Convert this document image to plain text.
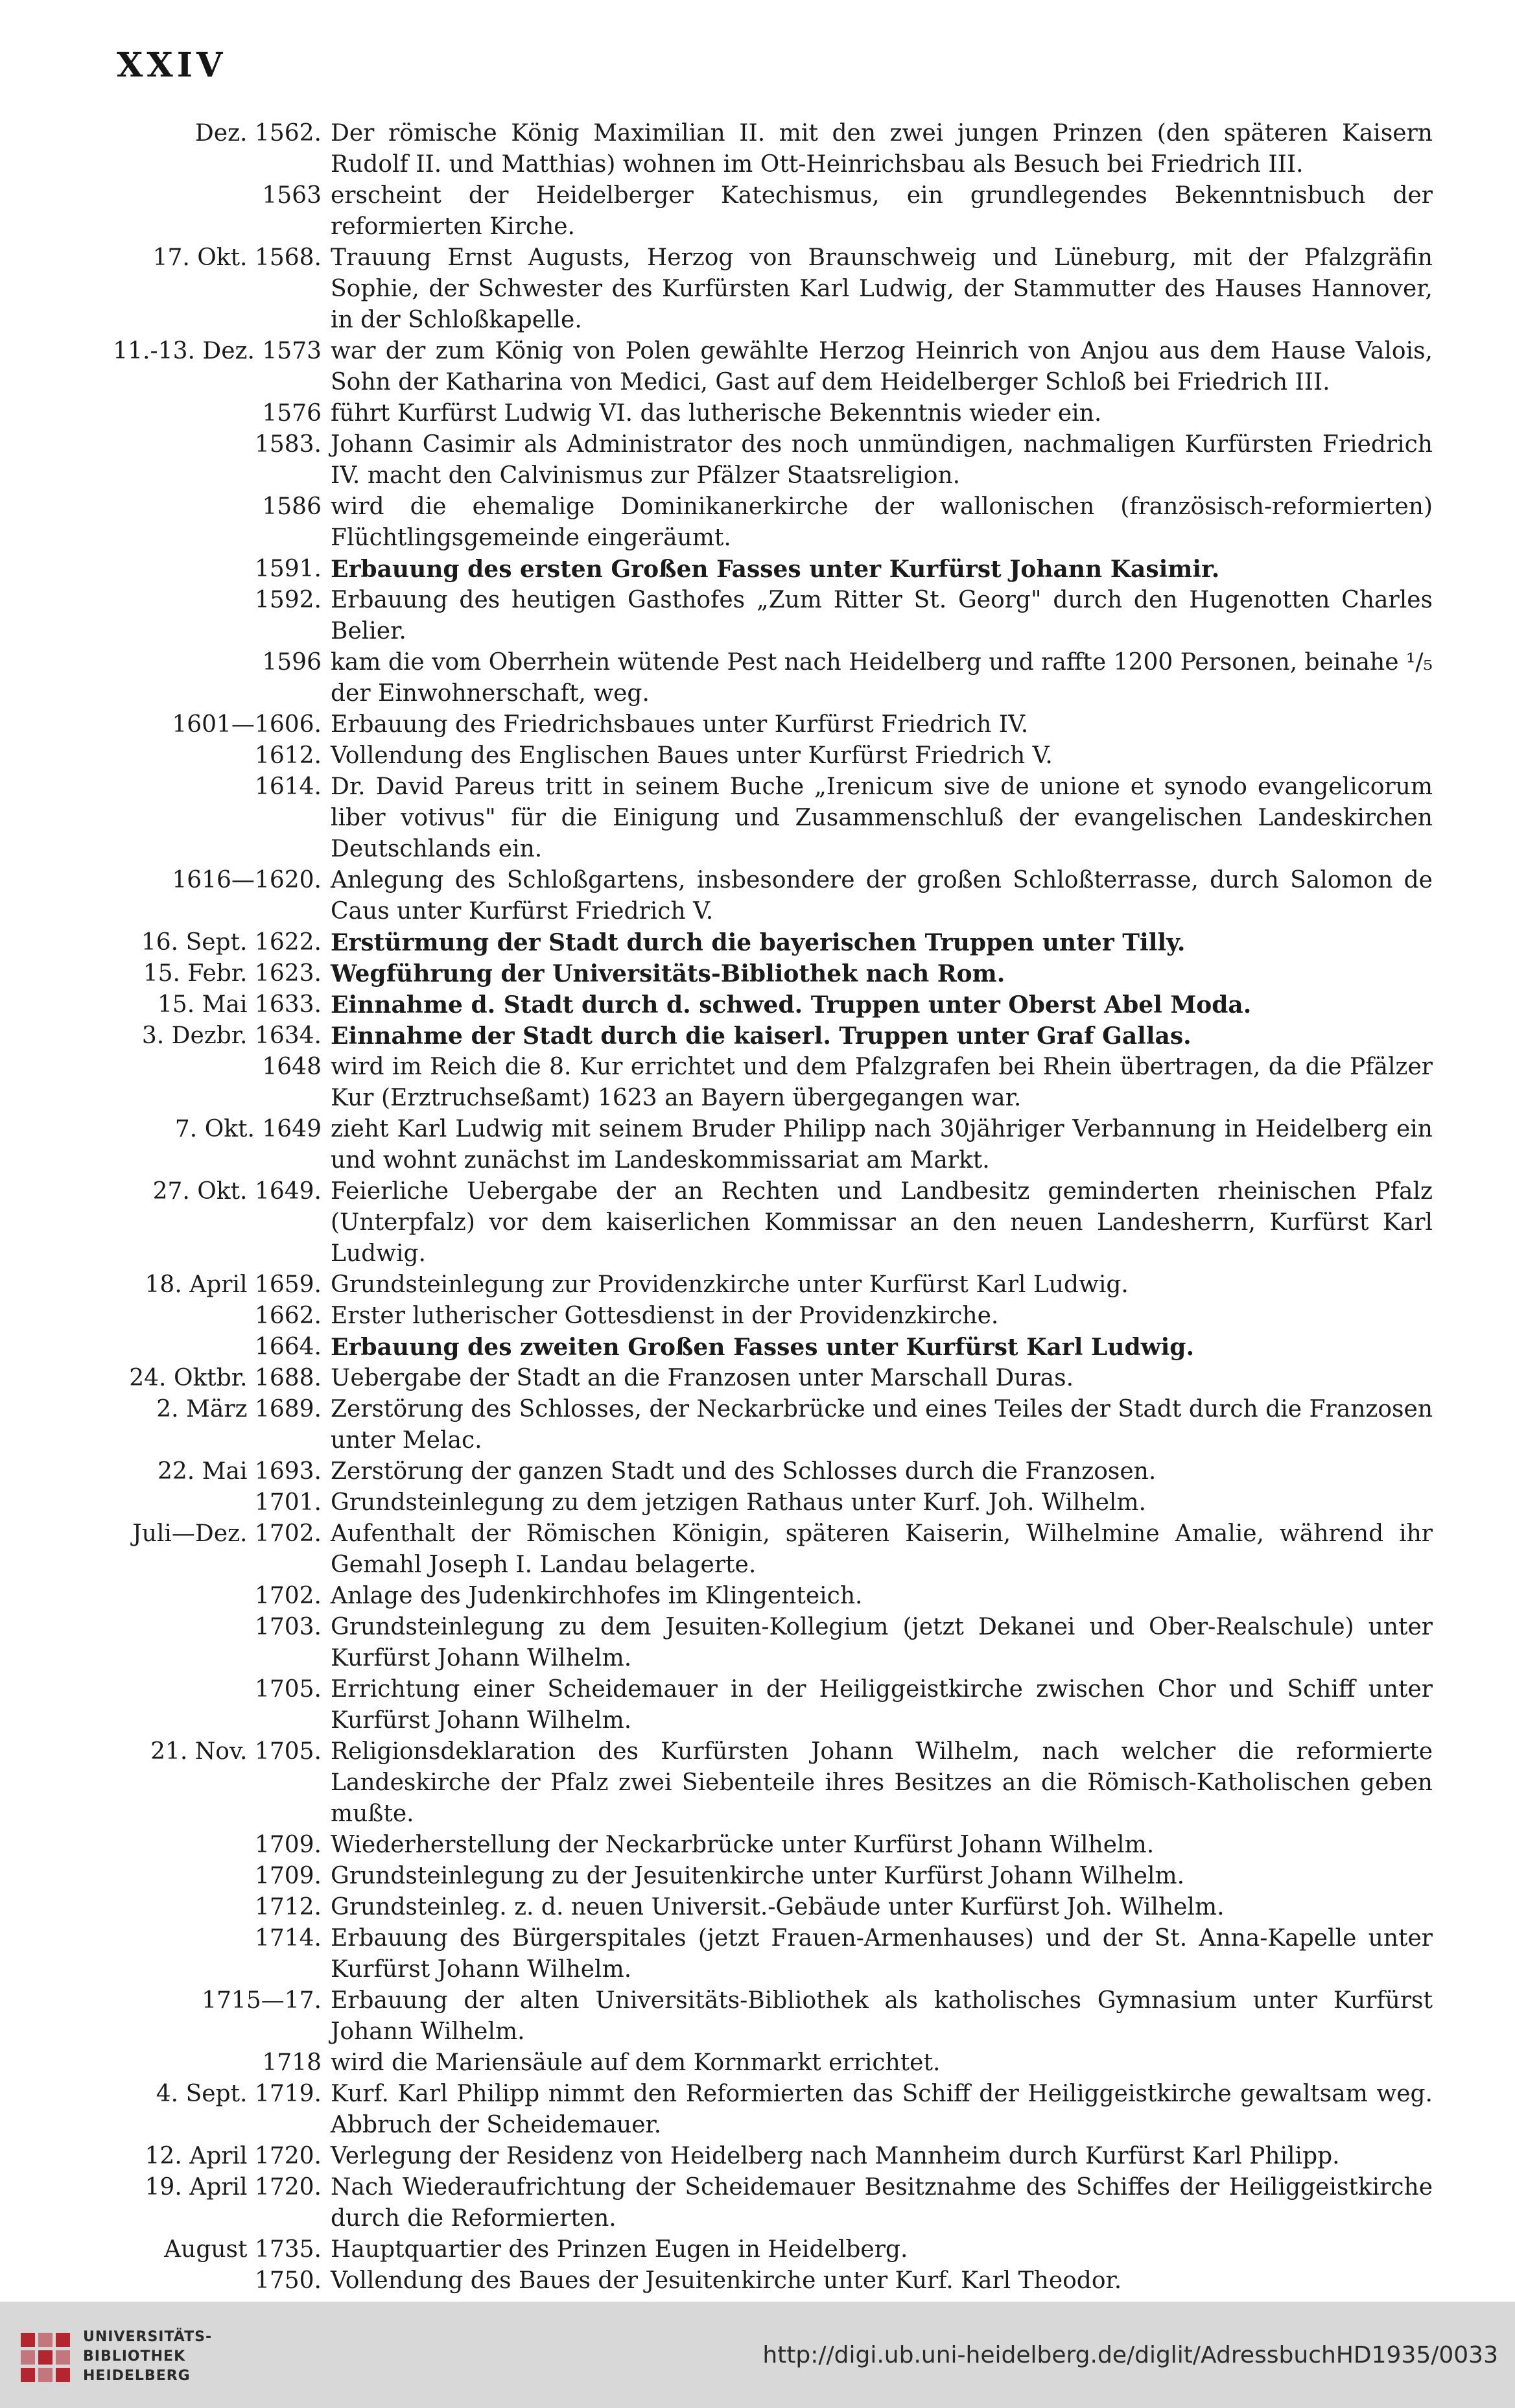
XXIV
Dez. 1562. Der römische König Maximilian II. mit den zwei jungen Prinzen (den späteren Kaisern Rudolf II. und Matthias) wohnen im Ott-Heinrichsbau als Besuch bei Friedrich III.
1563 erscheint der Heidelberger Katechismus, ein grundlegendes Bekenntnisbuch der reformierten Kirche.
17. Okt. 1568. Trauung Ernst Augusts, Herzog von Braunschweig und Lüneburg, mit der Pfalzgräfin Sophie, der Schwester des Kurfürsten Karl Ludwig, der Stammutter des Hauses Hannover, in der Schloßkapelle.
11.-13. Dez. 1573 war der zum König von Polen gewählte Herzog Heinrich von Anjou aus dem Hause Valois, Sohn der Katharina von Medici, Gast auf dem Heidelberger Schloß bei Friedrich III.
1576 führt Kurfürst Ludwig VI. das lutherische Bekenntnis wieder ein.
1583. Johann Casimir als Administrator des noch unmündigen, nachmaligen Kurfürsten Friedrich IV. macht den Calvinismus zur Pfälzer Staatsreligion.
1586 wird die ehemalige Dominikanerkirche der wallonischen (französisch-reformierten) Flüchtlingsgemeinde eingeräumt.
1591. Erbauung des ersten Großen Fasses unter Kurfürst Johann Kasimir.
1592. Erbauung des heutigen Gasthofes „Zum Ritter St. Georg" durch den Hugenotten Charles Belier.
1596 kam die vom Oberrhein wütende Pest nach Heidelberg und raffte 1200 Personen, beinahe ¹/₅ der Einwohnerschaft, weg.
1601—1606. Erbauung des Friedrichsbaues unter Kurfürst Friedrich IV.
1612. Vollendung des Englischen Baues unter Kurfürst Friedrich V.
1614. Dr. David Pareus tritt in seinem Buche „Irenicum sive de unione et synodo evangelicorum liber votivus" für die Einigung und Zusammenschluß der evangelischen Landeskirchen Deutschlands ein.
1616—1620. Anlegung des Schloßgartens, insbesondere der großen Schloßterrasse, durch Salomon de Caus unter Kurfürst Friedrich V.
16. Sept. 1622. Erstürmung der Stadt durch die bayerischen Truppen unter Tilly.
15. Febr. 1623. Wegführung der Universitäts-Bibliothek nach Rom.
15. Mai 1633. Einnahme d. Stadt durch d. schwed. Truppen unter Oberst Abel Moda.
3. Dezbr. 1634. Einnahme der Stadt durch die kaiserl. Truppen unter Graf Gallas.
1648 wird im Reich die 8. Kur errichtet und dem Pfalzgrafen bei Rhein übertragen, da die Pfälzer Kur (Erztruchseßamt) 1623 an Bayern übergegangen war.
7. Okt. 1649 zieht Karl Ludwig mit seinem Bruder Philipp nach 30jähriger Verbannung in Heidelberg ein und wohnt zunächst im Landeskommissariat am Markt.
27. Okt. 1649. Feierliche Uebergabe der an Rechten und Landbesitz geminderten rheinischen Pfalz (Unterpfalz) vor dem kaiserlichen Kommissar an den neuen Landesherrn, Kurfürst Karl Ludwig.
18. April 1659. Grundsteinlegung zur Providenzkirche unter Kurfürst Karl Ludwig.
1662. Erster lutherischer Gottesdienst in der Providenzkirche.
1664. Erbauung des zweiten Großen Fasses unter Kurfürst Karl Ludwig.
24. Oktbr. 1688. Uebergabe der Stadt an die Franzosen unter Marschall Duras.
2. März 1689. Zerstörung des Schlosses, der Neckarbrücke und eines Teiles der Stadt durch die Franzosen unter Melac.
22. Mai 1693. Zerstörung der ganzen Stadt und des Schlosses durch die Franzosen.
1701. Grundsteinlegung zu dem jetzigen Rathaus unter Kurf. Joh. Wilhelm.
Juli—Dez. 1702. Aufenthalt der Römischen Königin, späteren Kaiserin, Wilhelmine Amalie, während ihr Gemahl Joseph I. Landau belagerte.
1702. Anlage des Judenkirchhofes im Klingenteich.
1703. Grundsteinlegung zu dem Jesuiten-Kollegium (jetzt Dekanei und Ober-Realschule) unter Kurfürst Johann Wilhelm.
1705. Errichtung einer Scheidemauer in der Heiliggeistkirche zwischen Chor und Schiff unter Kurfürst Johann Wilhelm.
21. Nov. 1705. Religionsdeklaration des Kurfürsten Johann Wilhelm, nach welcher die reformierte Landeskirche der Pfalz zwei Siebenteile ihres Besitzes an die Römisch-Katholischen geben mußte.
1709. Wiederherstellung der Neckarbrücke unter Kurfürst Johann Wilhelm.
1709. Grundsteinlegung zu der Jesuitenkirche unter Kurfürst Johann Wilhelm.
1712. Grundsteinleg. z. d. neuen Universit.-Gebäude unter Kurfürst Joh. Wilhelm.
1714. Erbauung des Bürgerspitales (jetzt Frauen-Armenhauses) und der St. Anna-Kapelle unter Kurfürst Johann Wilhelm.
1715—17. Erbauung der alten Universitäts-Bibliothek als katholisches Gymnasium unter Kurfürst Johann Wilhelm.
1718 wird die Mariensäule auf dem Kornmarkt errichtet.
4. Sept. 1719. Kurf. Karl Philipp nimmt den Reformierten das Schiff der Heiliggeistkirche gewaltsam weg. Abbruch der Scheidemauer.
12. April 1720. Verlegung der Residenz von Heidelberg nach Mannheim durch Kurfürst Karl Philipp.
19. April 1720. Nach Wiederaufrichtung der Scheidemauer Besitznahme des Schiffes der Heiliggeistkirche durch die Reformierten.
August 1735. Hauptquartier des Prinzen Eugen in Heidelberg.
1750. Vollendung des Baues der Jesuitenkirche unter Kurf. Karl Theodor.
UNIVERSITÄTS-
BIBLIOTHEK
HEIDELBERG
http://digi.ub.uni-heidelberg.de/diglit/AdressbuchHD1935/0033
